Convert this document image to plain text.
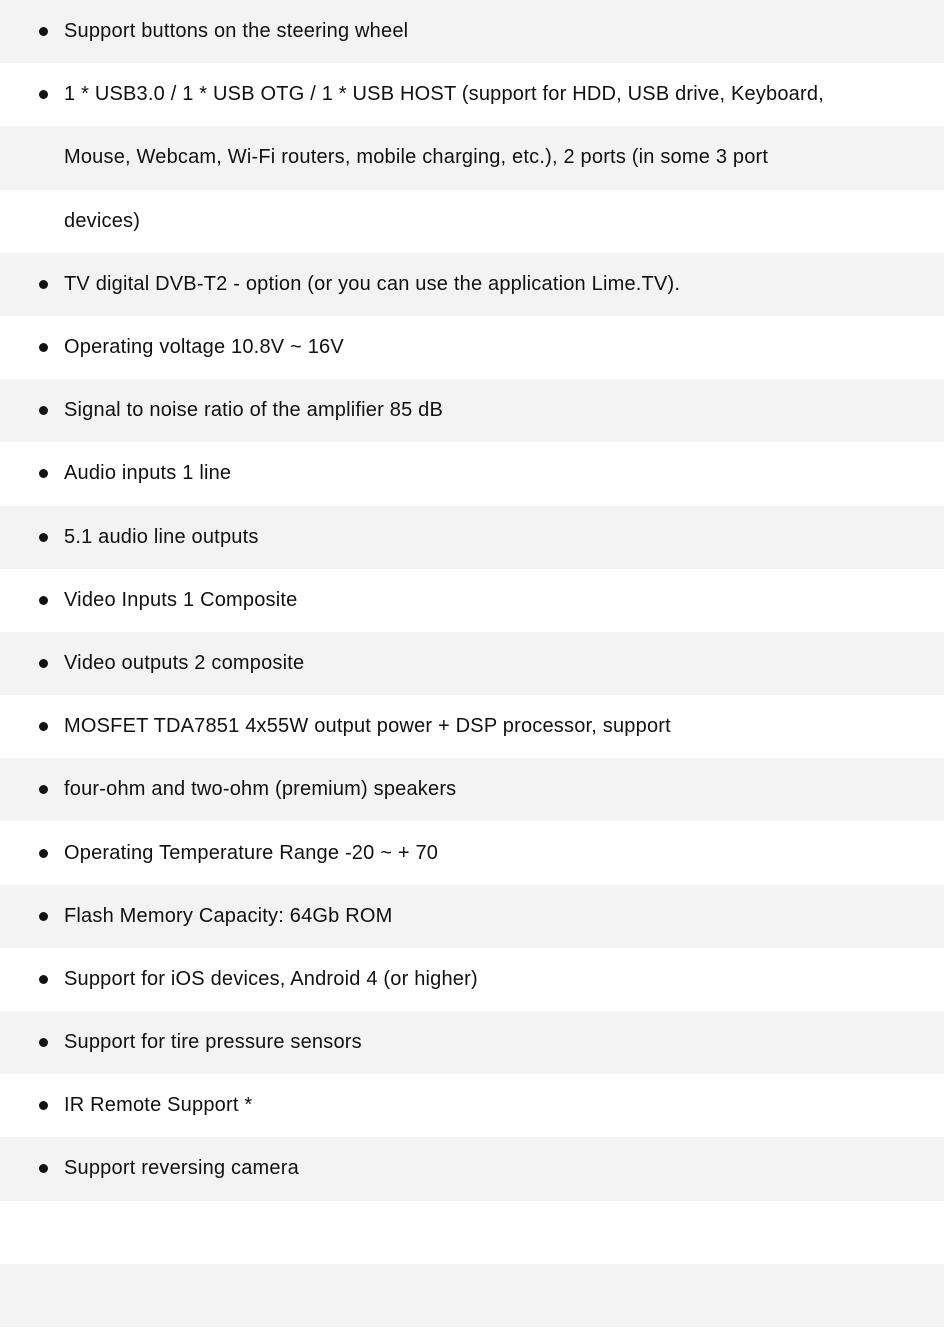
Support buttons on the steering wheel
1 * USB3.0 / 1 * USB OTG / 1 * USB HOST (support for HDD, USB drive, Keyboard,
Mouse, Webcam, Wi-Fi routers, mobile charging, etc.), 2 ports (in some 3 port
devices)
TV digital DVB-T2 - option (or you can use the application Lime.TV).
Operating voltage 10.8V ~ 16V
Signal to noise ratio of the amplifier 85 dB
Audio inputs 1 line
5.1 audio line outputs
Video Inputs 1 Composite
Video outputs 2 composite
MOSFET TDA7851 4x55W output power + DSP processor, support
four-ohm and two-ohm (premium) speakers
Operating Temperature Range -20 ~ + 70
Flash Memory Capacity: 64Gb ROM
Support for iOS devices, Android 4 (or higher)
Support for tire pressure sensors
IR Remote Support *
Support reversing camera
